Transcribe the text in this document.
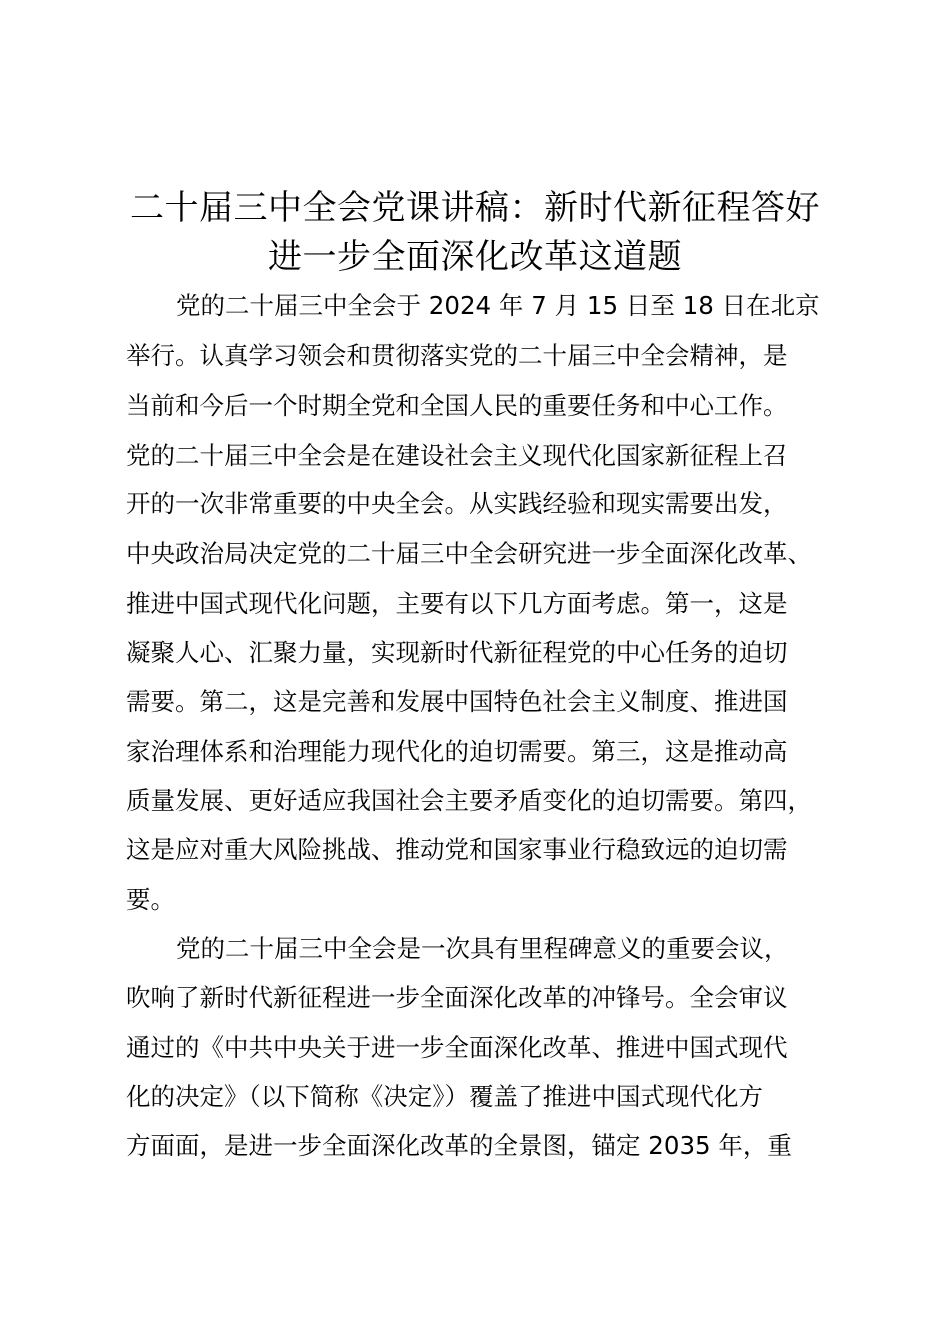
二十届三中全会党课讲稿：新时代新征程答好
进一步全面深化改革这道题
党的二十届三中全会于 2024 年 7 月 15 日至 18 日在北京
举行。认真学习领会和贯彻落实党的二十届三中全会精神，是
当前和今后一个时期全党和全国人民的重要任务和中心工作。
党的二十届三中全会是在建设社会主义现代化国家新征程上召
开的一次非常重要的中央全会。从实践经验和现实需要出发，
中央政治局决定党的二十届三中全会研究进一步全面深化改革、
推进中国式现代化问题，主要有以下几方面考虑。第一，这是
凝聚人心、汇聚力量，实现新时代新征程党的中心任务的迫切
需要。第二，这是完善和发展中国特色社会主义制度、推进国
家治理体系和治理能力现代化的迫切需要。第三，这是推动高
质量发展、更好适应我国社会主要矛盾变化的迫切需要。第四，
这是应对重大风险挑战、推动党和国家事业行稳致远的迫切需
要。
党的二十届三中全会是一次具有里程碑意义的重要会议，
吹响了新时代新征程进一步全面深化改革的冲锋号。全会审议
通过的《中共中央关于进一步全面深化改革、推进中国式现代
化的决定》（以下简称《决定》）覆盖了推进中国式现代化方
方面面，是进一步全面深化改革的全景图，锚定 2035 年，重
